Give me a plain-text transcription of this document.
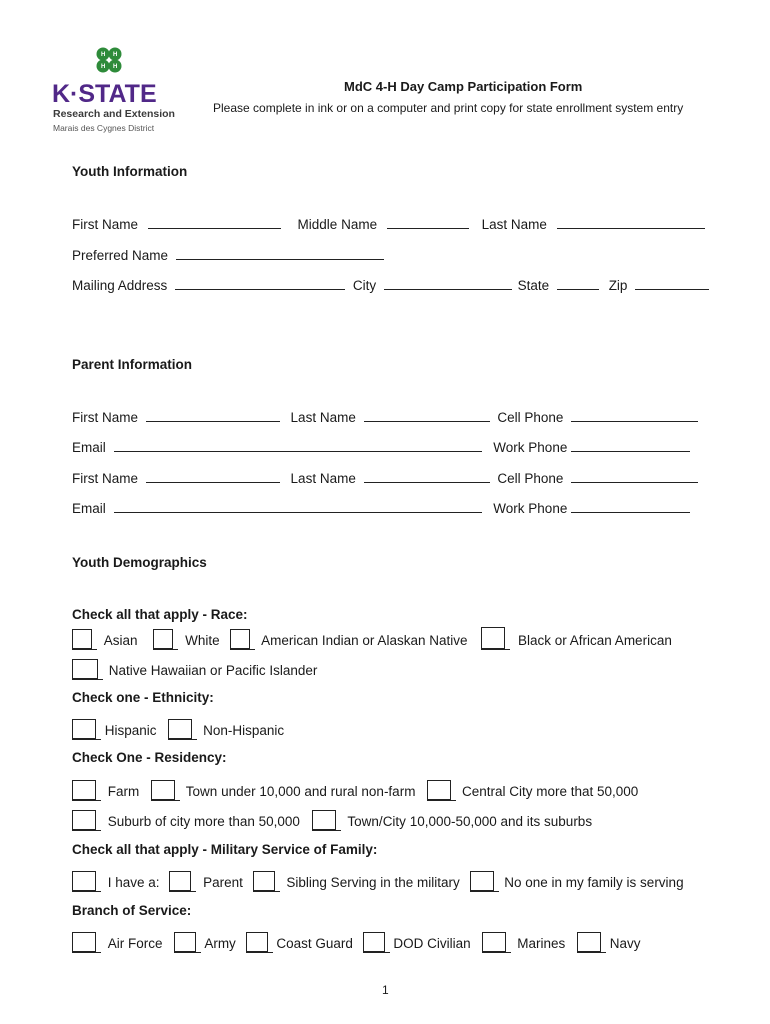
H H
H H
K·STATE
Research and Extension
Marais des Cygnes District
MdC 4-H Day Camp Participation Form
Please complete in ink or on a computer and print copy for state enrollment system entry
Youth Information
First Name	Middle Name	Last Name
Preferred Name
Mailing Address	City	State	Zip
Parent Information
First Name	Last Name	Cell Phone
Email	Work Phone
First Name	Last Name	Cell Phone
Email	Work Phone
Youth Demographics
Check all that apply - Race:
Asian	White	American Indian or Alaskan Native	Black or African American
Native Hawaiian or Pacific Islander
Check one - Ethnicity:
Hispanic	Non-Hispanic
Check One - Residency:
Farm	Town under 10,000 and rural non-farm	Central City more that 50,000
Suburb of city more than 50,000	Town/City 10,000-50,000 and its suburbs
Check all that apply - Military Service of Family:
I have a:	Parent	Sibling Serving in the military	No one in my family is serving
Branch of Service:
Air Force	Army	Coast Guard	DOD Civilian	Marines	Navy
1
